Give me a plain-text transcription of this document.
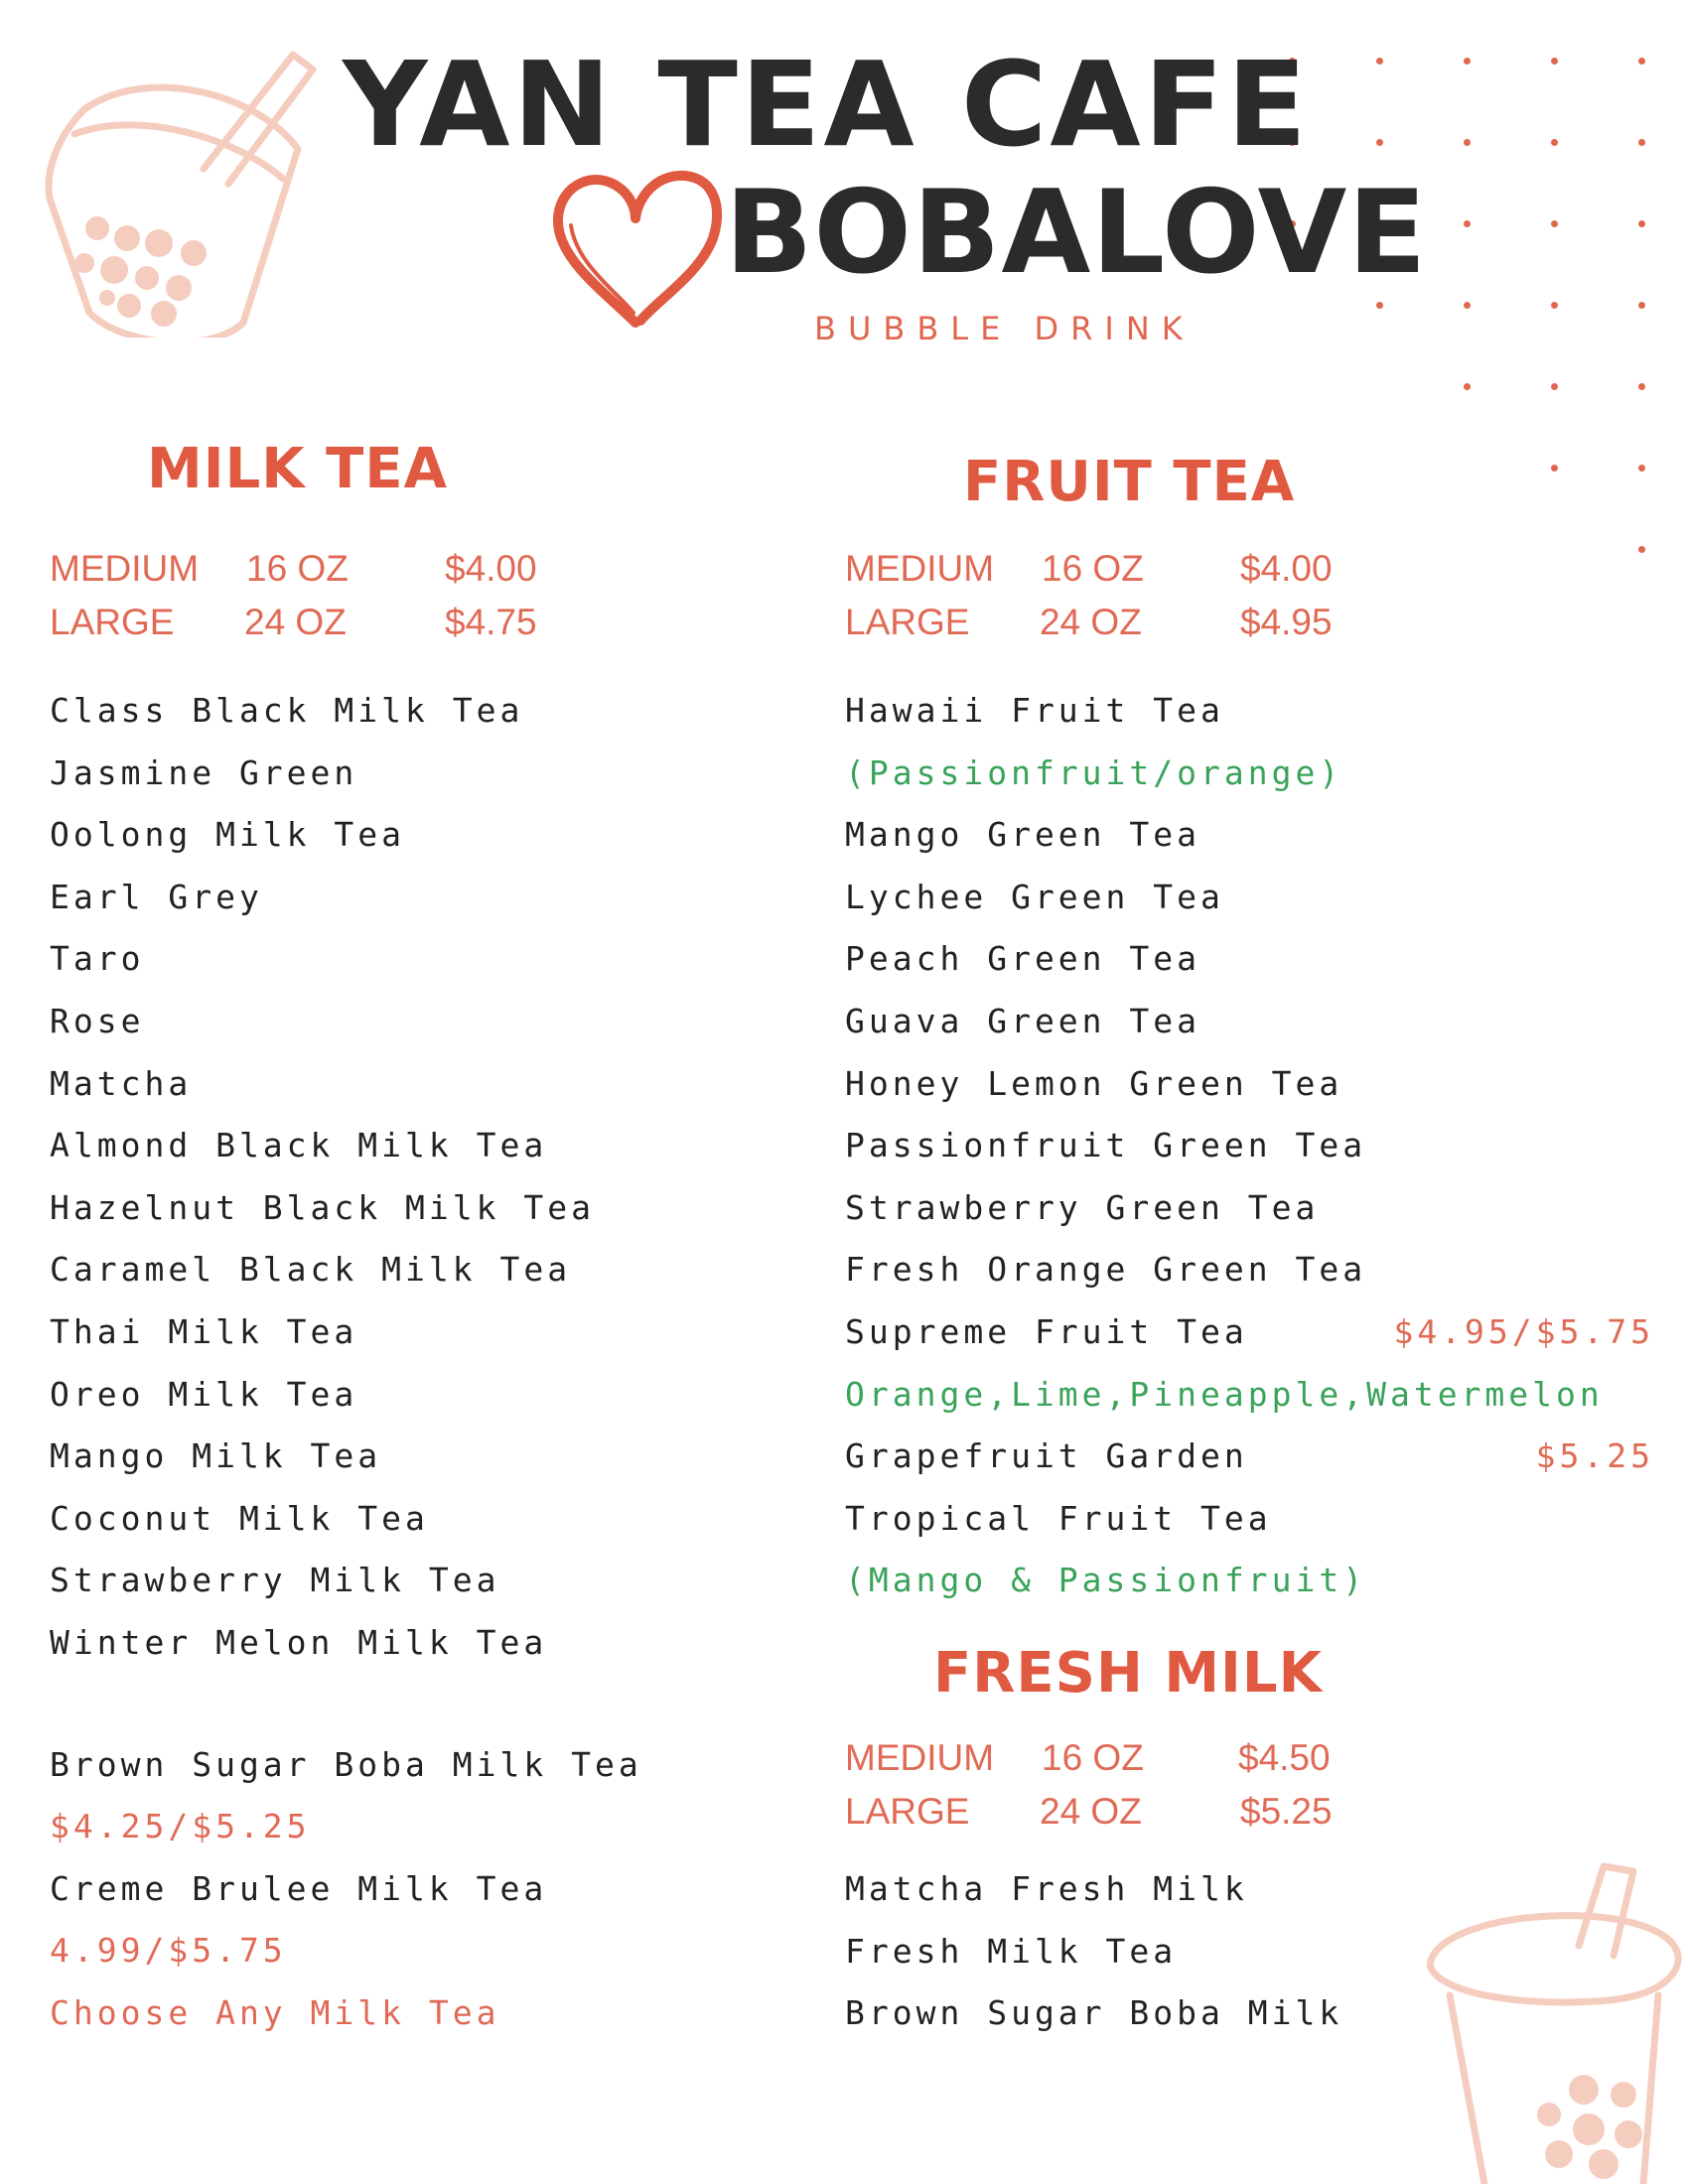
YAN TEA CAFE
BOBALOVE
BUBBLE DRINK
MILK TEA
MEDIUM 16 OZ	$4.00
LARGE 24 OZ	$4.75
FRUIT TEA
MEDIUM 16 OZ	$4.00
LARGE 24 OZ	$4.95
FRESH MILK
MEDIUM 16 OZ	$4.50
LARGE 24 OZ	$5.25
Class Black Milk Tea
Jasmine Green
Oolong Milk Tea
Earl Grey
Taro
Rose
Matcha
Almond Black Milk Tea
Hazelnut Black Milk Tea
Caramel Black Milk Tea
Thai Milk Tea
Oreo Milk Tea
Mango Milk Tea
Coconut Milk Tea
Strawberry Milk Tea
Winter Melon Milk Tea
Brown Sugar Boba Milk Tea
$4.25/$5.25
Creme Brulee Milk Tea
4.99/$5.75
Choose Any Milk Tea
Hawaii Fruit Tea
(Passionfruit/orange)
Mango Green Tea
Lychee Green Tea
Peach Green Tea
Guava Green Tea
Honey Lemon Green Tea
Passionfruit Green Tea
Strawberry Green Tea
Fresh Orange Green Tea
Supreme Fruit Tea	$4.95/$5.75
Orange,Lime,Pineapple,Watermelon
Grapefruit Garden	$5.25
Tropical Fruit Tea
(Mango & Passionfruit)
Matcha Fresh Milk
Fresh Milk Tea
Brown Sugar Boba Milk
